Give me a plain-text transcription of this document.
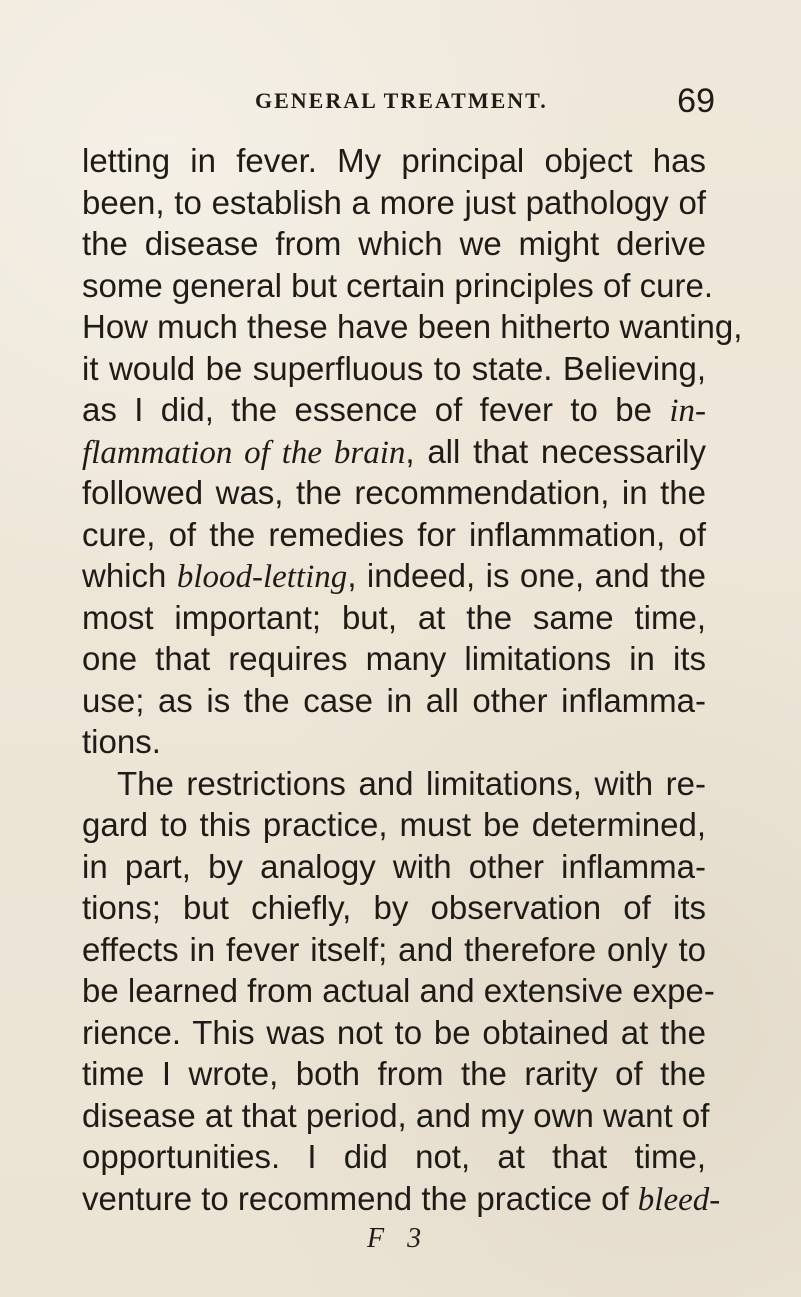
GENERAL TREATMENT.	69
letting in fever. My principal object has
been, to establish a more just pathology of
the disease from which we might derive
some general but certain principles of cure.
How much these have been hitherto wanting,
it would be superfluous to state. Believing,
as I did, the essence of fever to be in-
flammation of the brain, all that necessarily
followed was, the recommendation, in the
cure, of the remedies for inflammation, of
which blood-letting, indeed, is one, and the
most important; but, at the same time,
one that requires many limitations in its
use; as is the case in all other inflamma-
tions.
The restrictions and limitations, with re-
gard to this practice, must be determined,
in part, by analogy with other inflamma-
tions; but chiefly, by observation of its
effects in fever itself; and therefore only to
be learned from actual and extensive expe-
rience. This was not to be obtained at the
time I wrote, both from the rarity of the
disease at that period, and my own want of
opportunities. I did not, at that time,
venture to recommend the practice of bleed-
F 3
